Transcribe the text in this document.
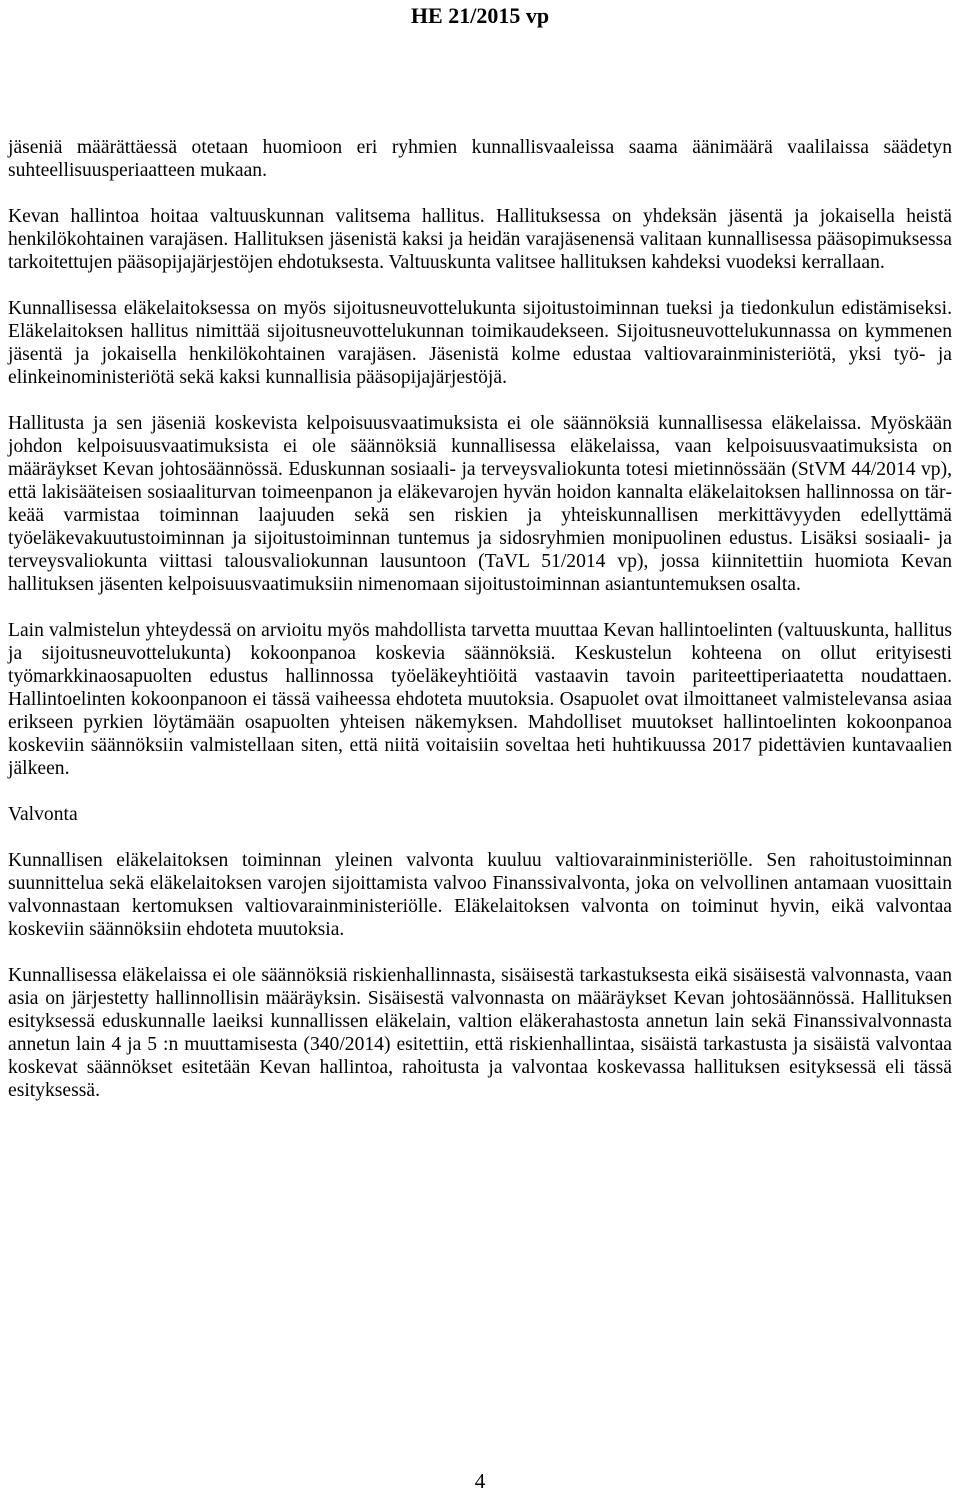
HE 21/2015 vp

jäseniä määrättäessä otetaan huomioon eri ryhmien kunnallisvaaleissa saama äänimäärä vaalilaissa säädetyn suhteellisuusperiaatteen mukaan.

Kevan hallintoa hoitaa valtuuskunnan valitsema hallitus. Hallituksessa on yhdeksän jäsentä ja jokaisella heistä henkilökohtainen varajäsen. Hallituksen jäsenistä kaksi ja heidän varajäsenensä valitaan kunnallisessa pääsopimuksessa tarkoitettujen pääsopijajärjestöjen ehdotuksesta. Valtuuskunta valitsee hallituksen kahdeksi vuodeksi kerrallaan.

Kunnallisessa eläkelaitoksessa on myös sijoitusneuvottelukunta sijoitustoiminnan tueksi ja tiedonkulun edistämiseksi. Eläkelaitoksen hallitus nimittää sijoitusneuvottelukunnan toimikaudekseen. Sijoitusneuvottelukunnassa on kymmenen jäsentä ja jokaisella henkilökohtainen varajäsen. Jäsenistä kolme edustaa valtiovarainministeriötä, yksi työ- ja elinkeinoministeriötä sekä kaksi kunnallisia pääsopijajärjestöjä.

Hallitusta ja sen jäseniä koskevista kelpoisuusvaatimuksista ei ole säännöksiä kunnallisessa eläkelaissa. Myöskään johdon kelpoisuusvaatimuksista ei ole säännöksiä kunnallisessa eläkelaissa, vaan kelpoisuusvaatimuksista on määräykset Kevan johtosäännössä. Eduskunnan sosiaali- ja terveysvaliokunta totesi mietinnössään (StVM 44/2014 vp), että lakisääteisen sosiaaliturvan toimeenpanon ja eläkevarojen hyvän hoidon kannalta eläkelaitoksen hallinnossa on tärkeää varmistaa toiminnan laajuuden sekä sen riskien ja yhteiskunnallisen merkittävyyden edellyttämä työeläkevakuutustoiminnan ja sijoitustoiminnan tuntemus ja sidosryhmien monipuolinen edustus. Lisäksi sosiaali- ja terveysvaliokunta viittasi talousvaliokunnan lausuntoon (TaVL 51/2014 vp), jossa kiinnitettiin huomiota Kevan hallituksen jäsenten kelpoisuusvaatimuksiin nimenomaan sijoitustoiminnan asiantuntemuksen osalta.

Lain valmistelun yhteydessä on arvioitu myös mahdollista tarvetta muuttaa Kevan hallintoelinten (valtuuskunta, hallitus ja sijoitusneuvottelukunta) kokoonpanoa koskevia säännöksiä. Keskustelun kohteena on ollut erityisesti työmarkkinaosapuolten edustus hallinnossa työeläkeyhtiöitä vastaavin tavoin pariteettiperiaatetta noudattaen. Hallintoelinten kokoonpanoon ei tässä vaiheessa ehdoteta muutoksia. Osapuolet ovat ilmoittaneet valmistelevansa asiaa erikseen pyrkien löytämään osapuolten yhteisen näkemyksen. Mahdolliset muutokset hallintoelinten kokoonpanoa koskeviin säännöksiin valmistellaan siten, että niitä voitaisiin soveltaa heti huhtikuussa 2017 pidettävien kuntavaalien jälkeen.

Valvonta

Kunnallisen eläkelaitoksen toiminnan yleinen valvonta kuuluu valtiovarainministeriölle. Sen rahoitustoiminnan suunnittelua sekä eläkelaitoksen varojen sijoittamista valvoo Finanssivalvonta, joka on velvollinen antamaan vuosittain valvonnastaan kertomuksen valtiovarainministeriölle. Eläkelaitoksen valvonta on toiminut hyvin, eikä valvontaa koskeviin säännöksiin ehdoteta muutoksia.

Kunnallisessa eläkelaissa ei ole säännöksiä riskienhallinnasta, sisäisestä tarkastuksesta eikä sisäisestä valvonnasta, vaan asia on järjestetty hallinnollisin määräyksin. Sisäisestä valvonnasta on määräykset Kevan johtosäännössä. Hallituksen esityksessä eduskunnalle laeiksi kunnallissen eläkelain, valtion eläkerahastosta annetun lain sekä Finanssivalvonnasta annetun lain 4 ja 5 :n muuttamisesta (340/2014) esitettiin, että riskienhallintaa, sisäistä tarkastusta ja sisäistä valvontaa koskevat säännökset esitetään Kevan hallintoa, rahoitusta ja valvontaa koskevassa hallituksen esityksessä eli tässä esityksessä.

4
